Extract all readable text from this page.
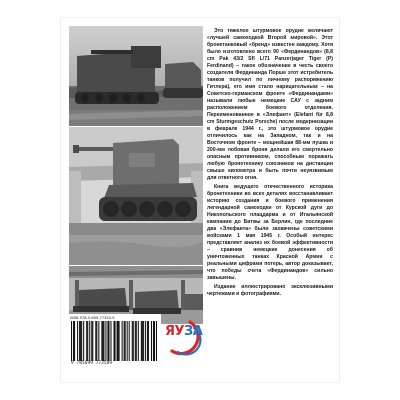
ISBN 978-5-699-77350-9
9 785699 773509
ЯУЗА

Это тяжелое штурмовое орудие величают «лучшей самоходкой Второй мировой». Этот бронетанковый «бренд» известен каждому. Хотя было изготовлено всего 90 «Фердинандов» (8,8 cm Pak 43/2 Sfl L/71 Panzerjager Tiger (P) Ferdinand) – такое обозначение в честь своего создателя Фердинанда Порше этот истребитель танков получил по личному распоряжению Гитлера), его имя стало нарицательным – на Советско-германском фронте «Фердинандами» называли любые немецкие САУ с задним расположением боевого отделения. Переименованное в «Элефант» (Elefant für 8,8 cm Sturmgeschutz Porsche) после модернизации в феврале 1944 г., это штурмовое орудие отличилось как на Западном, так и на Восточном фронте – мощнейшая 88-мм пушка и 200-мм лобовая броня делали его смертельно опасным противником, способным поражать любую бронетехнику союзников на дистанции свыше километра и быть почти неуязвимым для ответного огня.

Книга ведущего отечественного историка бронетехники во всех деталях восстанавливает историю создания и боевого применения легендарной самоходки от Курской дуги до Никопольского плацдарма и от Итальянской кампании до Битвы за Берлин, где последние два «Элефанта» были захвачены советскими войсками 1 мая 1945 г. Особый интерес представляет анализ их боевой эффективности – сравнив немецкие донесения об уничтоженных танках Красной Армии с реальными цифрами потерь, автор доказывает, что победы счета «Фердинандов» сильно завышены.

Издание иллюстрировано эксклюзивными чертежами и фотографиями.
